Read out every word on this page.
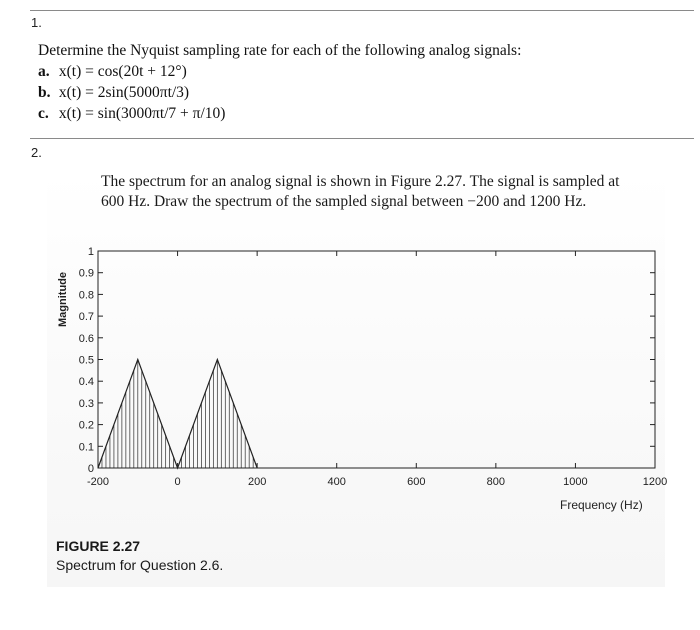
1.
Determine the Nyquist sampling rate for each of the following analog signals:
a. x(t) = cos(20t + 12°)
b. x(t) = 2sin(5000πt/3)
c. x(t) = sin(3000πt/7 + π/10)
2.
The spectrum for an analog signal is shown in Figure 2.27. The signal is sampled at
600 Hz. Draw the spectrum of the sampled signal between −200 and 1200 Hz.
0
0.1
0.2
0.3
0.4
0.5
0.6
0.7
0.8
0.9
1
-200	0	200	400	600	800	1000	1200
Magnitude
Frequency (Hz)
FIGURE 2.27
Spectrum for Question 2.6.
